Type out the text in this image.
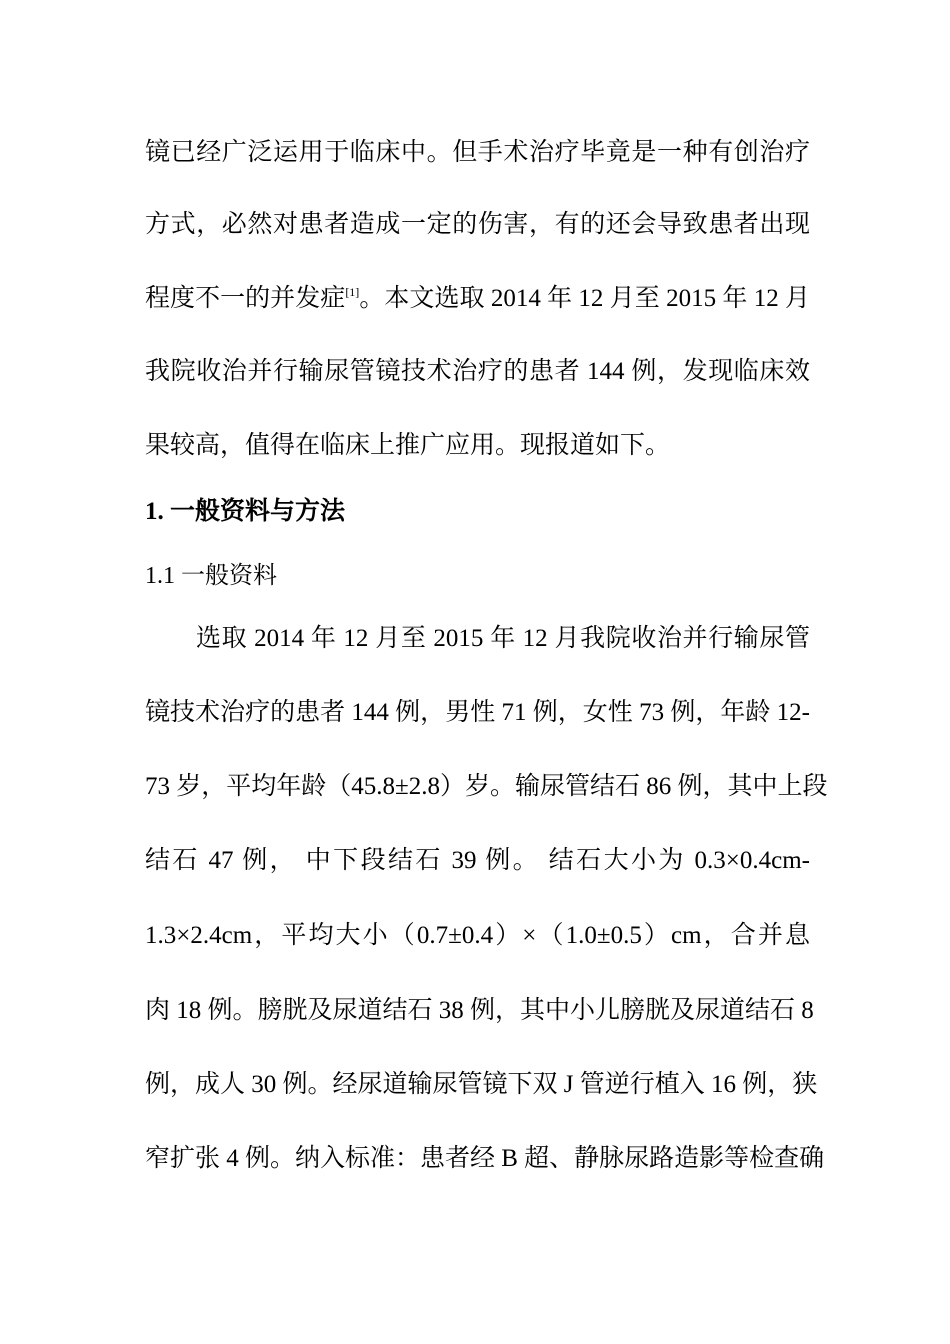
镜已经广泛运用于临床中。但手术治疗毕竟是一种有创治疗
方式，必然对患者造成一定的伤害，有的还会导致患者出现
程度不一的并发症[1]。本文选取 2014 年 12 月至 2015 年 12 月
我院收治并行输尿管镜技术治疗的患者 144 例，发现临床效
果较高，值得在临床上推广应用。现报道如下。
1. 一般资料与方法
1.1 一般资料
选取 2014 年 12 月至 2015 年 12 月我院收治并行输尿管
镜技术治疗的患者 144 例，男性 71 例，女性 73 例，年龄 12-
73 岁，平均年龄（45.8±2.8）岁。输尿管结石 86 例，其中上段
结石 47 例， 中下段结石 39 例。 结石大小为 0.3×0.4cm-
1.3×2.4cm，平均大小（0.7±0.4）×（1.0±0.5）cm，合并息
肉 18 例。膀胱及尿道结石 38 例，其中小儿膀胱及尿道结石 8
例，成人 30 例。经尿道输尿管镜下双 J 管逆行植入 16 例，狭
窄扩张 4 例。纳入标准：患者经 B 超、静脉尿路造影等检查确
